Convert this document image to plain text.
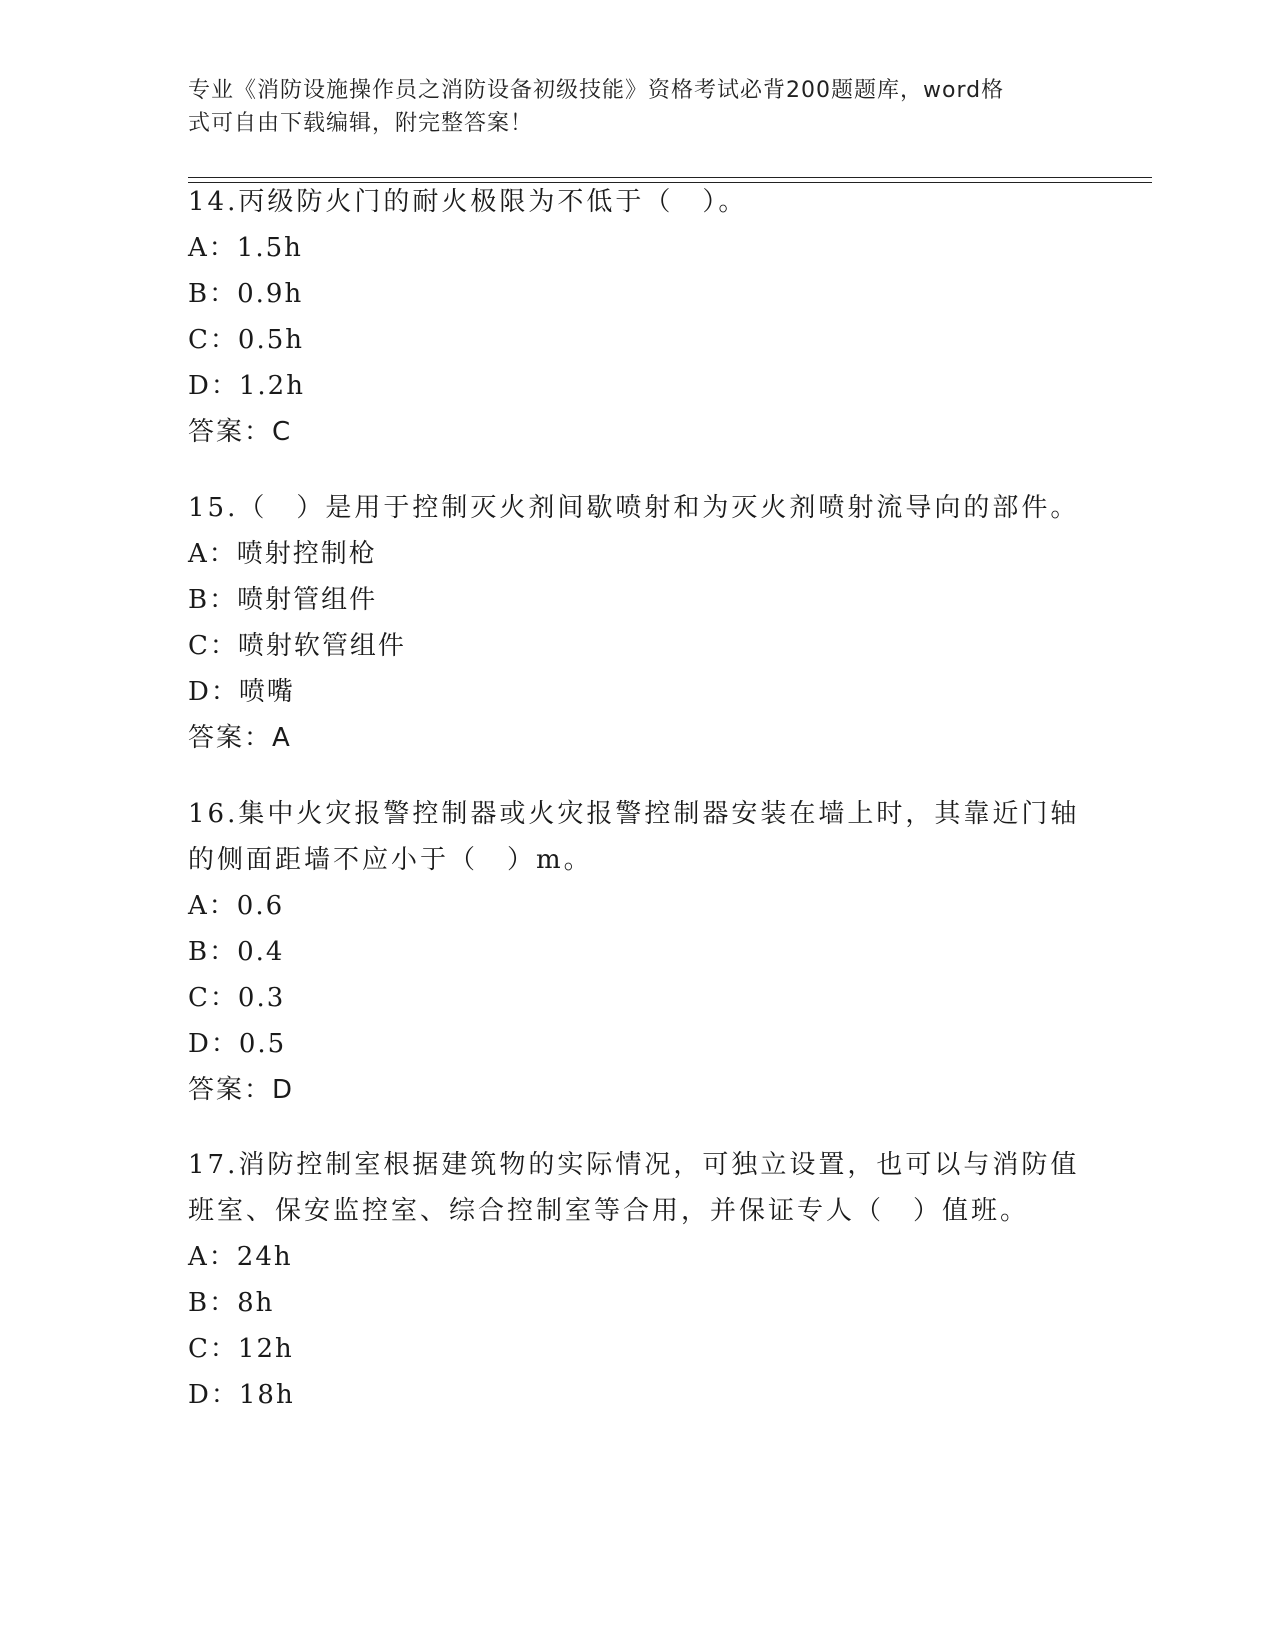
专业《消防设施操作员之消防设备初级技能》资格考试必背200题题库，word格
式可自由下载编辑，附完整答案！
14.丙级防火门的耐火极限为不低于（　）。
A：1.5h
B：0.9h
C：0.5h
D：1.2h
答案：C
15.（　）是用于控制灭火剂间歇喷射和为灭火剂喷射流导向的部件。
A：喷射控制枪
B：喷射管组件
C：喷射软管组件
D：喷嘴
答案：A
16.集中火灾报警控制器或火灾报警控制器安装在墙上时，其靠近门轴
的侧面距墙不应小于（　）m。
A：0.6
B：0.4
C：0.3
D：0.5
答案：D
17.消防控制室根据建筑物的实际情况，可独立设置，也可以与消防值
班室、保安监控室、综合控制室等合用，并保证专人（　）值班。
A：24h
B：8h
C：12h
D：18h
